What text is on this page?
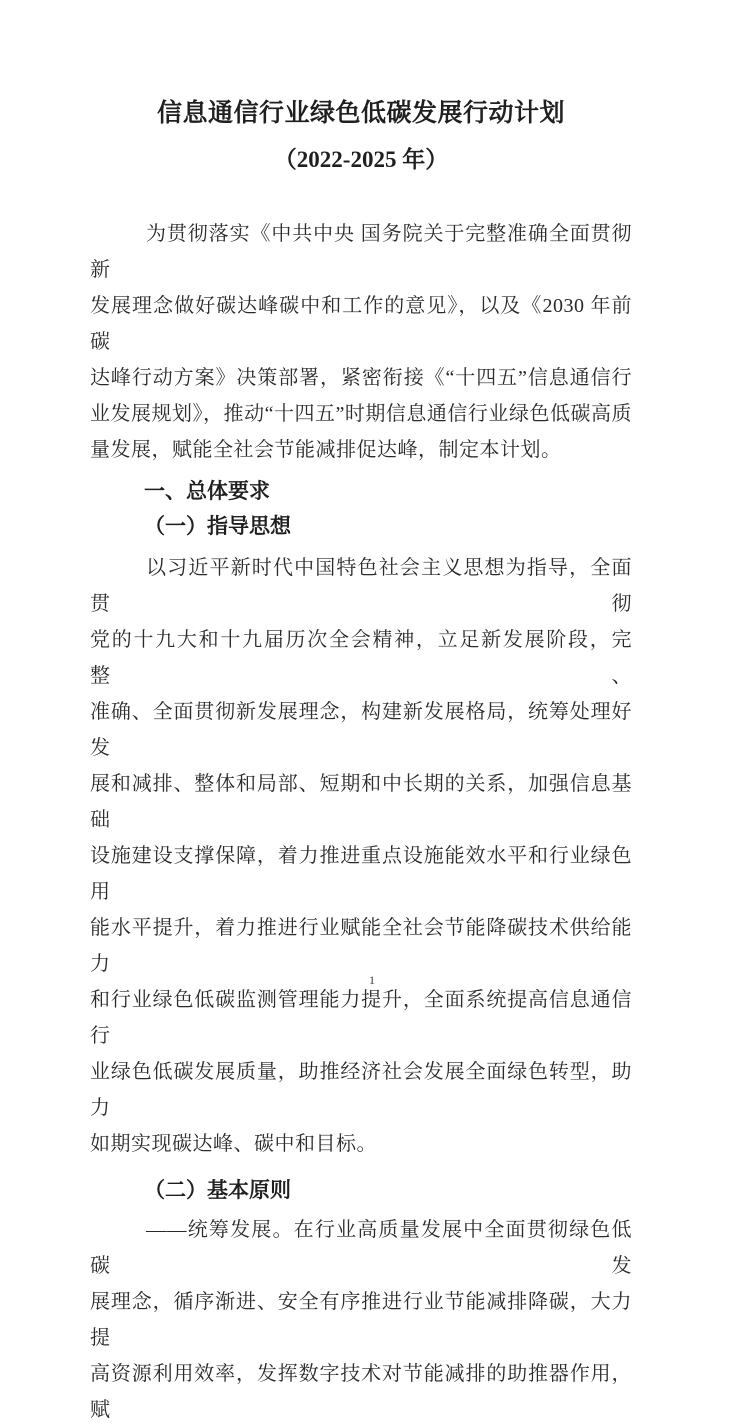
信息通信行业绿色低碳发展行动计划
（2022-2025 年）
为贯彻落实《中共中央 国务院关于完整准确全面贯彻新
发展理念做好碳达峰碳中和工作的意见》，以及《2030 年前碳
达峰行动方案》决策部署，紧密衔接《“十四五”信息通信行
业发展规划》，推动“十四五”时期信息通信行业绿色低碳高质
量发展，赋能全社会节能减排促达峰，制定本计划。
一、总体要求
（一）指导思想
以习近平新时代中国特色社会主义思想为指导，全面贯彻
党的十九大和十九届历次全会精神，立足新发展阶段，完整、
准确、全面贯彻新发展理念，构建新发展格局，统筹处理好发
展和减排、整体和局部、短期和中长期的关系，加强信息基础
设施建设支撑保障，着力推进重点设施能效水平和行业绿色用
能水平提升，着力推进行业赋能全社会节能降碳技术供给能力
和行业绿色低碳监测管理能力提升，全面系统提高信息通信行
业绿色低碳发展质量，助推经济社会发展全面绿色转型，助力
如期实现碳达峰、碳中和目标。
（二）基本原则
——统筹发展。在行业高质量发展中全面贯彻绿色低碳发
展理念，循序渐进、安全有序推进行业节能减排降碳，大力提
高资源利用效率，发挥数字技术对节能减排的助推器作用，赋
1
